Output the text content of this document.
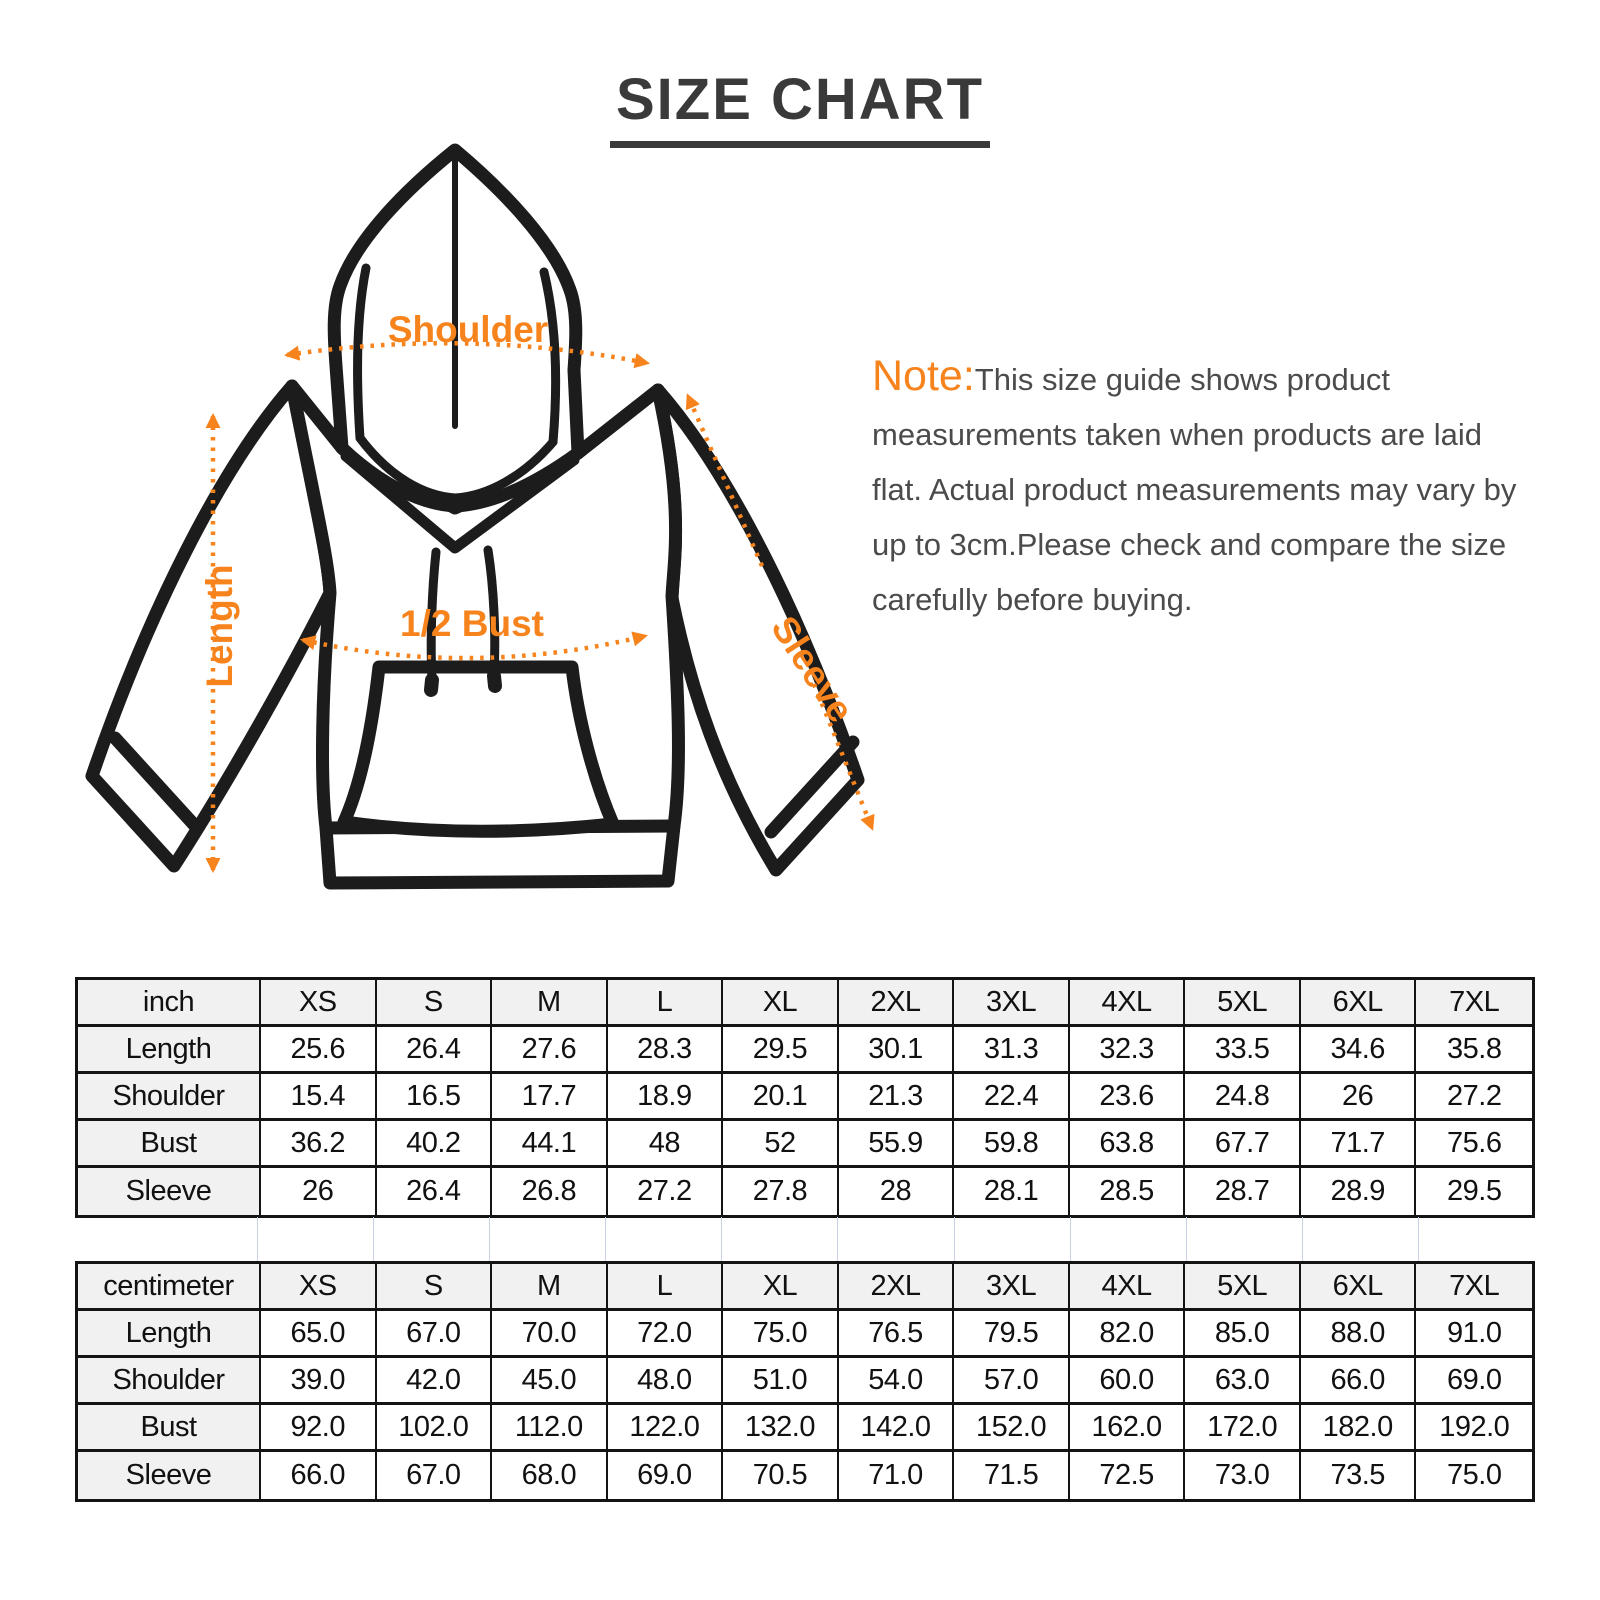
SIZE CHART
Shoulder
Length	1/2 Bust	Sleeve

Note:This size guide shows product measurements taken when products are laid flat. Actual product measurements may vary by up to 3cm.Please check and compare the size carefully before buying.

inch	XS	S	M	L	XL	2XL	3XL	4XL	5XL	6XL	7XL
Length	25.6	26.4	27.6	28.3	29.5	30.1	31.3	32.3	33.5	34.6	35.8
Shoulder	15.4	16.5	17.7	18.9	20.1	21.3	22.4	23.6	24.8	26	27.2
Bust	36.2	40.2	44.1	48	52	55.9	59.8	63.8	67.7	71.7	75.6
Sleeve	26	26.4	26.8	27.2	27.8	28	28.1	28.5	28.7	28.9	29.5
centimeter	XS	S	M	L	XL	2XL	3XL	4XL	5XL	6XL	7XL
Length	65.0	67.0	70.0	72.0	75.0	76.5	79.5	82.0	85.0	88.0	91.0
Shoulder	39.0	42.0	45.0	48.0	51.0	54.0	57.0	60.0	63.0	66.0	69.0
Bust	92.0	102.0	112.0	122.0	132.0	142.0	152.0	162.0	172.0	182.0	192.0
Sleeve	66.0	67.0	68.0	69.0	70.5	71.0	71.5	72.5	73.0	73.5	75.0
